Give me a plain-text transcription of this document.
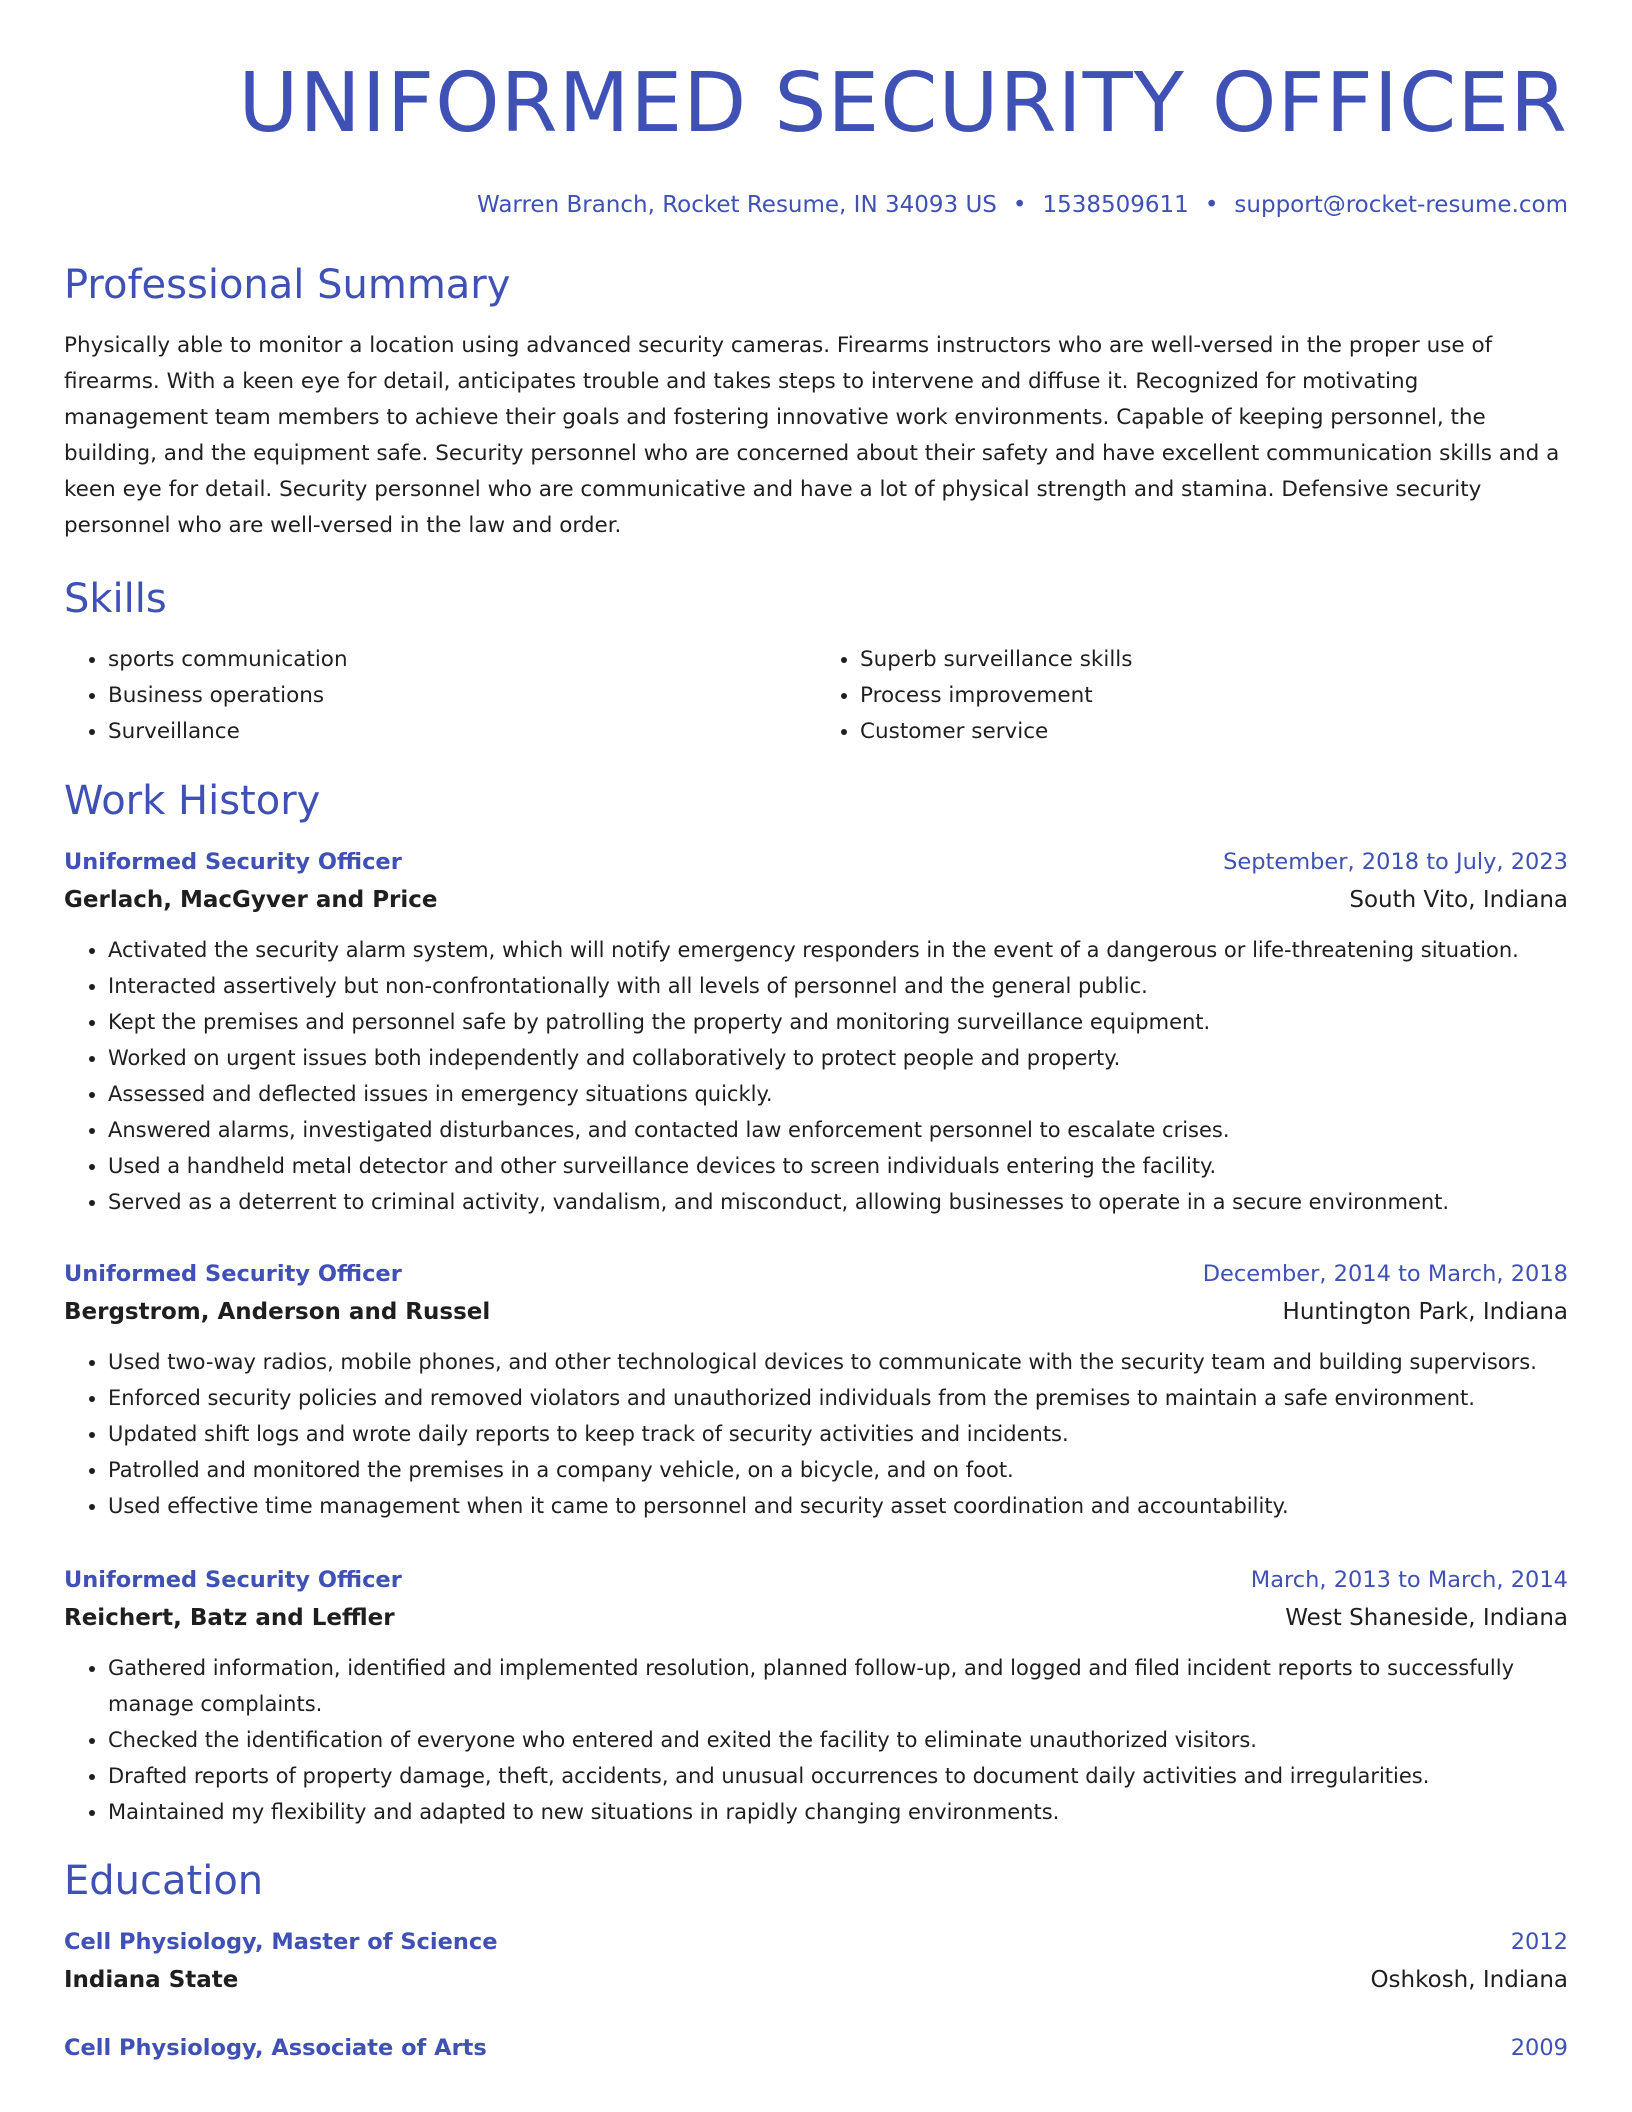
UNIFORMED SECURITY OFFICER
Warren Branch, Rocket Resume, IN 34093 US • 1538509611 • support@rocket-resume.com
Professional Summary
Physically able to monitor a location using advanced security cameras. Firearms instructors who are well-versed in the proper use of firearms. With a keen eye for detail, anticipates trouble and takes steps to intervene and diffuse it. Recognized for motivating management team members to achieve their goals and fostering innovative work environments. Capable of keeping personnel, the building, and the equipment safe. Security personnel who are concerned about their safety and have excellent communication skills and a keen eye for detail. Security personnel who are communicative and have a lot of physical strength and stamina. Defensive security personnel who are well-versed in the law and order.
Skills
• sports communication
• Business operations
• Surveillance
• Superb surveillance skills
• Process improvement
• Customer service
Work History
Uniformed Security Officer	September, 2018 to July, 2023
Gerlach, MacGyver and Price	South Vito, Indiana
• Activated the security alarm system, which will notify emergency responders in the event of a dangerous or life-threatening situation.
• Interacted assertively but non-confrontationally with all levels of personnel and the general public.
• Kept the premises and personnel safe by patrolling the property and monitoring surveillance equipment.
• Worked on urgent issues both independently and collaboratively to protect people and property.
• Assessed and deflected issues in emergency situations quickly.
• Answered alarms, investigated disturbances, and contacted law enforcement personnel to escalate crises.
• Used a handheld metal detector and other surveillance devices to screen individuals entering the facility.
• Served as a deterrent to criminal activity, vandalism, and misconduct, allowing businesses to operate in a secure environment.
Uniformed Security Officer	December, 2014 to March, 2018
Bergstrom, Anderson and Russel	Huntington Park, Indiana
• Used two-way radios, mobile phones, and other technological devices to communicate with the security team and building supervisors.
• Enforced security policies and removed violators and unauthorized individuals from the premises to maintain a safe environment.
• Updated shift logs and wrote daily reports to keep track of security activities and incidents.
• Patrolled and monitored the premises in a company vehicle, on a bicycle, and on foot.
• Used effective time management when it came to personnel and security asset coordination and accountability.
Uniformed Security Officer	March, 2013 to March, 2014
Reichert, Batz and Leffler	West Shaneside, Indiana
• Gathered information, identified and implemented resolution, planned follow-up, and logged and filed incident reports to successfully manage complaints.
• Checked the identification of everyone who entered and exited the facility to eliminate unauthorized visitors.
• Drafted reports of property damage, theft, accidents, and unusual occurrences to document daily activities and irregularities.
• Maintained my flexibility and adapted to new situations in rapidly changing environments.
Education
Cell Physiology, Master of Science	2012
Indiana State	Oshkosh, Indiana
Cell Physiology, Associate of Arts	2009
